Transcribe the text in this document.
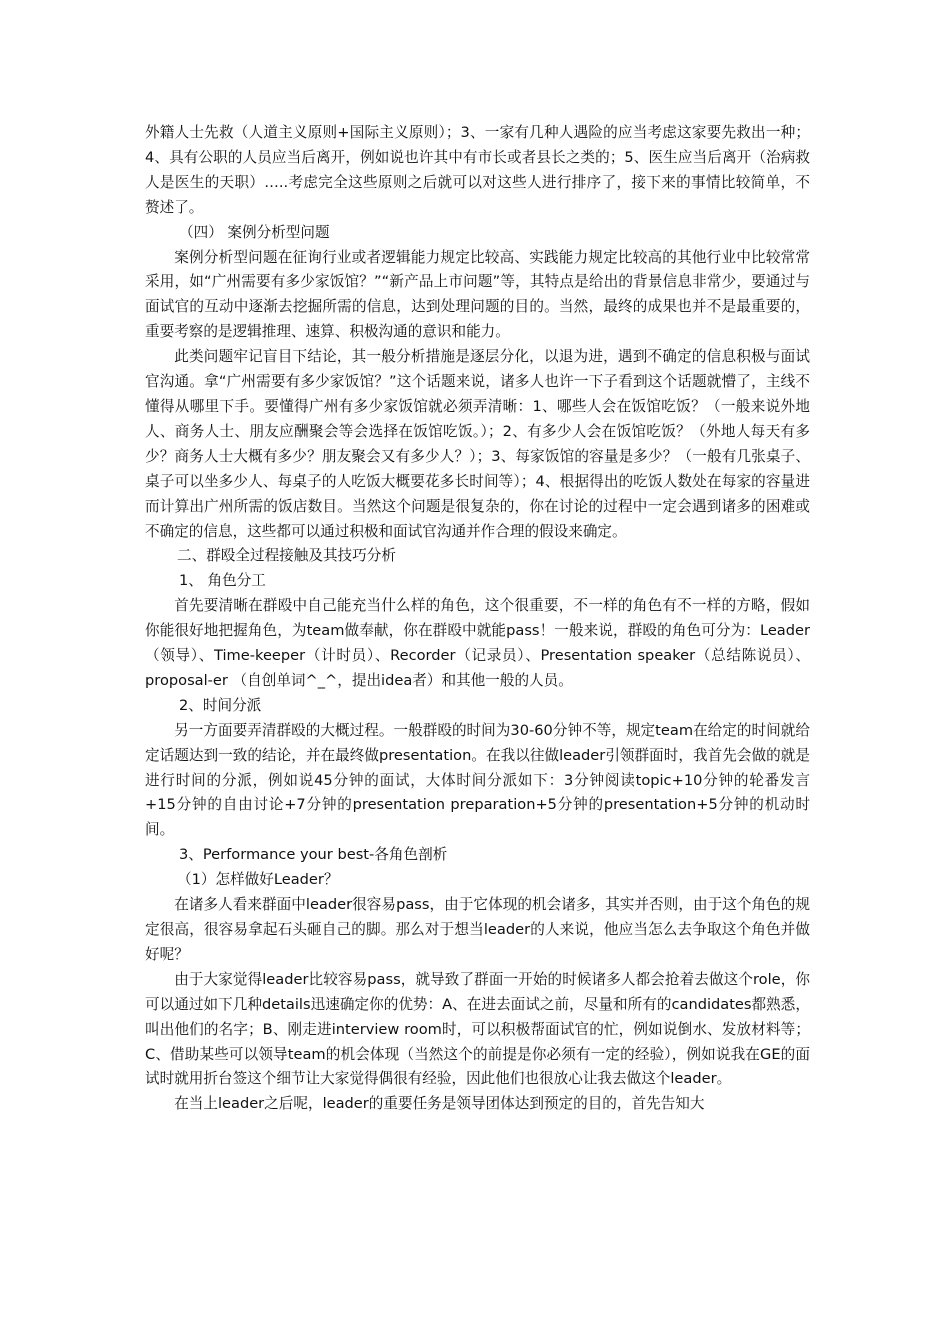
外籍人士先救（人道主义原则+国际主义原则）；3、一家有几种人遇险的应当考虑这家要先救出一种；4、具有公职的人员应当后离开，例如说也许其中有市长或者县长之类的；5、医生应当后离开（治病救人是医生的天职）…..考虑完全这些原则之后就可以对这些人进行排序了，接下来的事情比较简单，不赘述了。

（四） 案例分析型问题

案例分析型问题在征询行业或者逻辑能力规定比较高、实践能力规定比较高的其他行业中比较常常采用，如“广州需要有多少家饭馆？”“新产品上市问题”等，其特点是给出的背景信息非常少，要通过与面试官的互动中逐渐去挖掘所需的信息，达到处理问题的目的。当然，最终的成果也并不是最重要的，重要考察的是逻辑推理、速算、积极沟通的意识和能力。

此类问题牢记盲目下结论，其一般分析措施是逐层分化，以退为进，遇到不确定的信息积极与面试官沟通。拿“广州需要有多少家饭馆？”这个话题来说，诸多人也许一下子看到这个话题就懵了，主线不懂得从哪里下手。要懂得广州有多少家饭馆就必须弄清晰：1、哪些人会在饭馆吃饭？（一般来说外地人、商务人士、朋友应酬聚会等会选择在饭馆吃饭。）；2、有多少人会在饭馆吃饭？（外地人每天有多少？商务人士大概有多少？朋友聚会又有多少人？）；3、每家饭馆的容量是多少？（一般有几张桌子、桌子可以坐多少人、每桌子的人吃饭大概要花多长时间等）；4、根据得出的吃饭人数处在每家的容量进而计算出广州所需的饭店数目。当然这个问题是很复杂的，你在讨论的过程中一定会遇到诸多的困难或不确定的信息，这些都可以通过积极和面试官沟通并作合理的假设来确定。

二、群殴全过程接触及其技巧分析

1、 角色分工

首先要清晰在群殴中自己能充当什么样的角色，这个很重要，不一样的角色有不一样的方略，假如你能很好地把握角色，为team做奉献，你在群殴中就能pass！一般来说，群殴的角色可分为：Leader（领导）、Time-keeper（计时员）、Recorder（记录员）、Presentation speaker（总结陈说员）、proposal-er （自创单词^_^，提出idea者）和其他一般的人员。

2、时间分派

另一方面要弄清群殴的大概过程。一般群殴的时间为30-60分钟不等，规定team在给定的时间就给定话题达到一致的结论，并在最终做presentation。在我以往做leader引领群面时，我首先会做的就是进行时间的分派，例如说45分钟的面试，大体时间分派如下：3分钟阅读topic+10分钟的轮番发言+15分钟的自由讨论+7分钟的presentation preparation+5分钟的presentation+5分钟的机动时间。

3、Performance your best-各角色剖析

（1）怎样做好Leader？

在诸多人看来群面中leader很容易pass，由于它体现的机会诸多，其实并否则，由于这个角色的规定很高，很容易拿起石头砸自己的脚。那么对于想当leader的人来说，他应当怎么去争取这个角色并做好呢？

由于大家觉得leader比较容易pass，就导致了群面一开始的时候诸多人都会抢着去做这个role，你可以通过如下几种details迅速确定你的优势：A、在进去面试之前，尽量和所有的candidates都熟悉，叫出他们的名字；B、刚走进interview room时，可以积极帮面试官的忙，例如说倒水、发放材料等；C、借助某些可以领导team的机会体现（当然这个的前提是你必须有一定的经验），例如说我在GE的面试时就用折台签这个细节让大家觉得偶很有经验，因此他们也很放心让我去做这个leader。

在当上leader之后呢，leader的重要任务是领导团体达到预定的目的，首先告知大
